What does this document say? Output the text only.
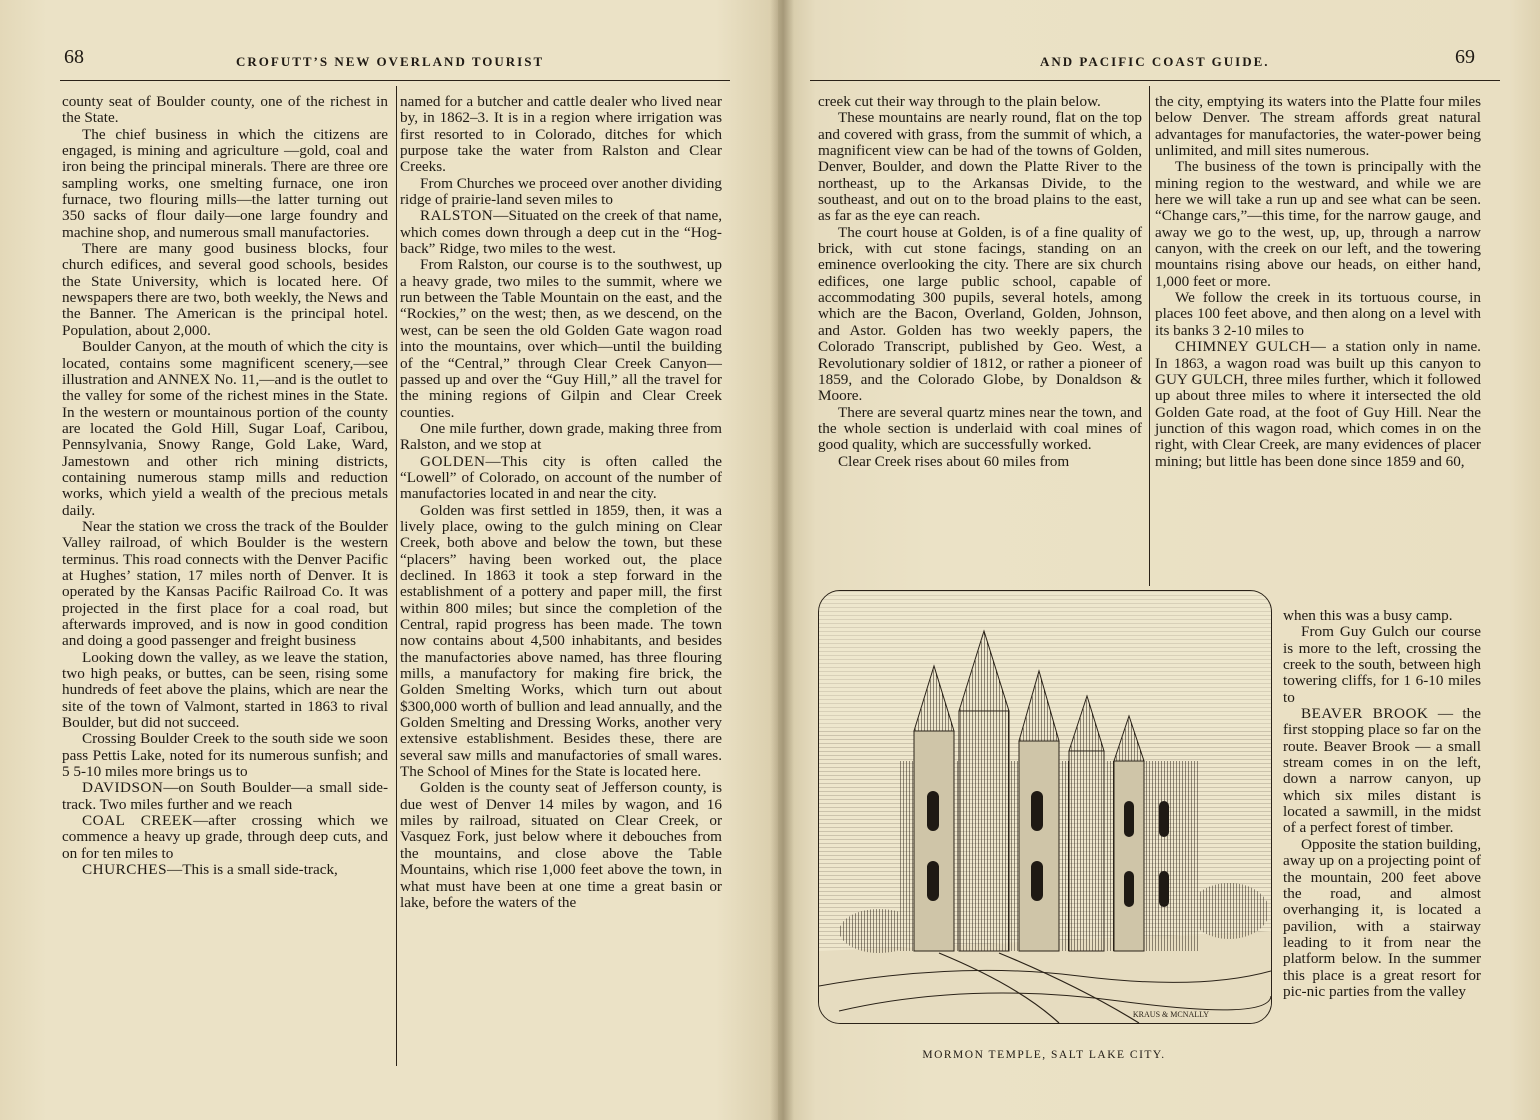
68	CROFUTT’S NEW OVERLAND TOURIST

county seat of Boulder county, one of the richest in the State.

The chief business in which the citizens are engaged, is mining and agriculture —gold, coal and iron being the principal minerals. There are three ore sampling works, one smelting furnace, one iron furnace, two flouring mills—the latter turning out 350 sacks of flour daily—one large foundry and machine shop, and numerous small manufactories.

There are many good business blocks, four church edifices, and several good schools, besides the State University, which is located here. Of newspapers there are two, both weekly, the News and the Banner. The American is the principal hotel. Population, about 2,000.

Boulder Canyon, at the mouth of which the city is located, contains some magnificent scenery,—see illustration and ANNEX No. 11,—and is the outlet to the valley for some of the richest mines in the State. In the western or mountainous portion of the county are located the Gold Hill, Sugar Loaf, Caribou, Pennsylvania, Snowy Range, Gold Lake, Ward, Jamestown and other rich mining districts, containing numerous stamp mills and reduction works, which yield a wealth of the precious metals daily.

Near the station we cross the track of the Boulder Valley railroad, of which Boulder is the western terminus. This road connects with the Denver Pacific at Hughes’ station, 17 miles north of Denver. It is operated by the Kansas Pacific Railroad Co. It was projected in the first place for a coal road, but afterwards improved, and is now in good condition and doing a good passenger and freight business

Looking down the valley, as we leave the station, two high peaks, or buttes, can be seen, rising some hundreds of feet above the plains, which are near the site of the town of Valmont, started in 1863 to rival Boulder, but did not succeed.

Crossing Boulder Creek to the south side we soon pass Pettis Lake, noted for its numerous sunfish; and 5 5-10 miles more brings us to

DAVIDSON—on South Boulder—a small side-track. Two miles further and we reach

COAL CREEK—after crossing which we commence a heavy up grade, through deep cuts, and on for ten miles to

CHURCHES—This is a small side-track,

named for a butcher and cattle dealer who lived near by, in 1862–3. It is in a region where irrigation was first resorted to in Colorado, ditches for which purpose take the water from Ralston and Clear Creeks.

From Churches we proceed over another dividing ridge of prairie-land seven miles to

RALSTON—Situated on the creek of that name, which comes down through a deep cut in the “Hog-back” Ridge, two miles to the west.

From Ralston, our course is to the southwest, up a heavy grade, two miles to the summit, where we run between the Table Mountain on the east, and the “Rockies,” on the west; then, as we descend, on the west, can be seen the old Golden Gate wagon road into the mountains, over which—until the building of the “Central,” through Clear Creek Canyon—passed up and over the “Guy Hill,” all the travel for the mining regions of Gilpin and Clear Creek counties.

One mile further, down grade, making three from Ralston, and we stop at

GOLDEN—This city is often called the “Lowell” of Colorado, on account of the number of manufactories located in and near the city.

Golden was first settled in 1859, then, it was a lively place, owing to the gulch mining on Clear Creek, both above and below the town, but these “placers” having been worked out, the place declined. In 1863 it took a step forward in the establishment of a pottery and paper mill, the first within 800 miles; but since the completion of the Central, rapid progress has been made. The town now contains about 4,500 inhabitants, and besides the manufactories above named, has three flouring mills, a manufactory for making fire brick, the Golden Smelting Works, which turn out about $300,000 worth of bullion and lead annually, and the Golden Smelting and Dressing Works, another very extensive establishment. Besides these, there are several saw mills and manufactories of small wares. The School of Mines for the State is located here.

Golden is the county seat of Jefferson county, is due west of Denver 14 miles by wagon, and 16 miles by railroad, situated on Clear Creek, or Vasquez Fork, just below where it debouches from the mountains, and close above the Table Mountains, which rise 1,000 feet above the town, in what must have been at one time a great basin or lake, before the waters of the

AND PACIFIC COAST GUIDE.	69

creek cut their way through to the plain below.

These mountains are nearly round, flat on the top and covered with grass, from the summit of which, a magnificent view can be had of the towns of Golden, Denver, Boulder, and down the Platte River to the northeast, up to the Arkansas Divide, to the southeast, and out on to the broad plains to the east, as far as the eye can reach.

The court house at Golden, is of a fine quality of brick, with cut stone facings, standing on an eminence overlooking the city. There are six church edifices, one large public school, capable of accommodating 300 pupils, several hotels, among which are the Bacon, Overland, Golden, Johnson, and Astor. Golden has two weekly papers, the Colorado Transcript, published by Geo. West, a Revolutionary soldier of 1812, or rather a pioneer of 1859, and the Colorado Globe, by Donaldson & Moore.

There are several quartz mines near the town, and the whole section is underlaid with coal mines of good quality, which are successfully worked.

Clear Creek rises about 60 miles from

the city, emptying its waters into the Platte four miles below Denver. The stream affords great natural advantages for manufactories, the water-power being unlimited, and mill sites numerous.

The business of the town is principally with the mining region to the westward, and while we are here we will take a run up and see what can be seen. “Change cars,”—this time, for the narrow gauge, and away we go to the west, up, up, through a narrow canyon, with the creek on our left, and the towering mountains rising above our heads, on either hand, 1,000 feet or more.

We follow the creek in its tortuous course, in places 100 feet above, and then along on a level with its banks 3 2-10 miles to

CHIMNEY GULCH— a station only in name. In 1863, a wagon road was built up this canyon to GUY GULCH, three miles further, which it followed up about three miles to where it intersected the old Golden Gate road, at the foot of Guy Hill. Near the junction of this wagon road, which comes in on the right, with Clear Creek, are many evidences of placer mining; but little has been done since 1859 and 60,

KRAUS & MCNALLY
MORMON TEMPLE, SALT LAKE CITY.

when this was a busy camp.

From Guy Gulch our course is more to the left, crossing the creek to the south, between high towering cliffs, for 1 6-10 miles to

BEAVER BROOK — the first stopping place so far on the route. Beaver Brook — a small stream comes in on the left, down a narrow canyon, up which six miles distant is located a sawmill, in the midst of a perfect forest of timber.

Opposite the station building, away up on a projecting point of the mountain, 200 feet above the road, and almost overhanging it, is located a pavilion, with a stairway leading to it from near the platform below. In the summer this place is a great resort for pic-nic parties from the valley
